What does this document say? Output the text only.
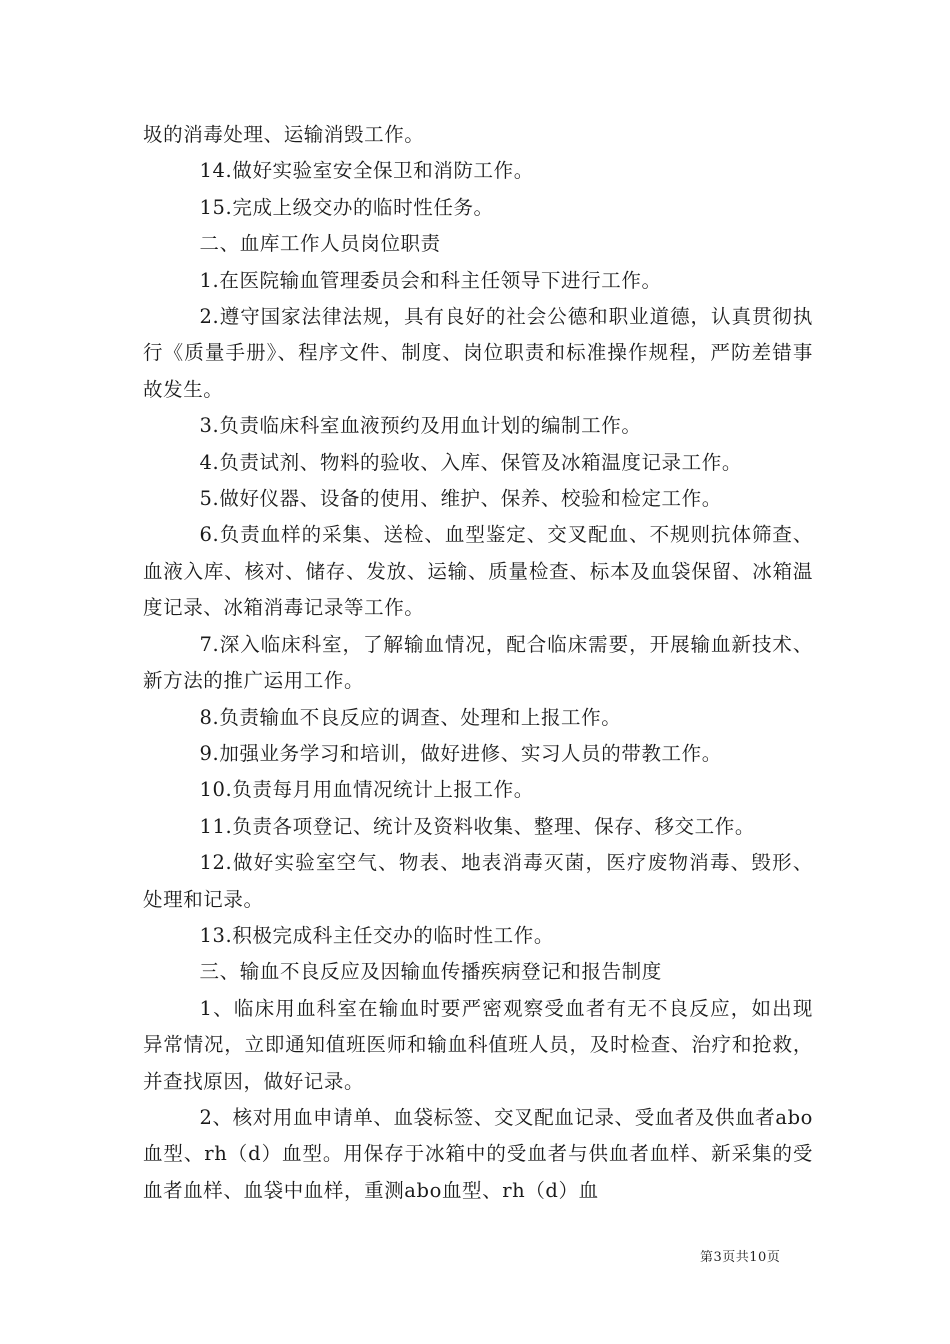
圾的消毒处理、运输消毁工作。

14.做好实验室安全保卫和消防工作。

15.完成上级交办的临时性任务。

二、血库工作人员岗位职责

1.在医院输血管理委员会和科主任领导下进行工作。

2.遵守国家法律法规，具有良好的社会公德和职业道德，认真贯彻执行《质量手册》、程序文件、制度、岗位职责和标准操作规程，严防差错事故发生。

3.负责临床科室血液预约及用血计划的编制工作。

4.负责试剂、物料的验收、入库、保管及冰箱温度记录工作。

5.做好仪器、设备的使用、维护、保养、校验和检定工作。

6.负责血样的采集、送检、血型鉴定、交叉配血、不规则抗体筛查、血液入库、核对、储存、发放、运输、质量检查、标本及血袋保留、冰箱温度记录、冰箱消毒记录等工作。

7.深入临床科室，了解输血情况，配合临床需要，开展输血新技术、新方法的推广运用工作。

8.负责输血不良反应的调查、处理和上报工作。

9.加强业务学习和培训，做好进修、实习人员的带教工作。

10.负责每月用血情况统计上报工作。

11.负责各项登记、统计及资料收集、整理、保存、移交工作。

12.做好实验室空气、物表、地表消毒灭菌，医疗废物消毒、毁形、处理和记录。

13.积极完成科主任交办的临时性工作。

三、输血不良反应及因输血传播疾病登记和报告制度

1、临床用血科室在输血时要严密观察受血者有无不良反应，如出现异常情况，立即通知值班医师和输血科值班人员，及时检查、治疗和抢救，并查找原因，做好记录。

2、核对用血申请单、血袋标签、交叉配血记录、受血者及供血者abo血型、rh（d）血型。用保存于冰箱中的受血者与供血者血样、新采集的受血者血样、血袋中血样，重测abo血型、rh（d）血

第3页共10页
